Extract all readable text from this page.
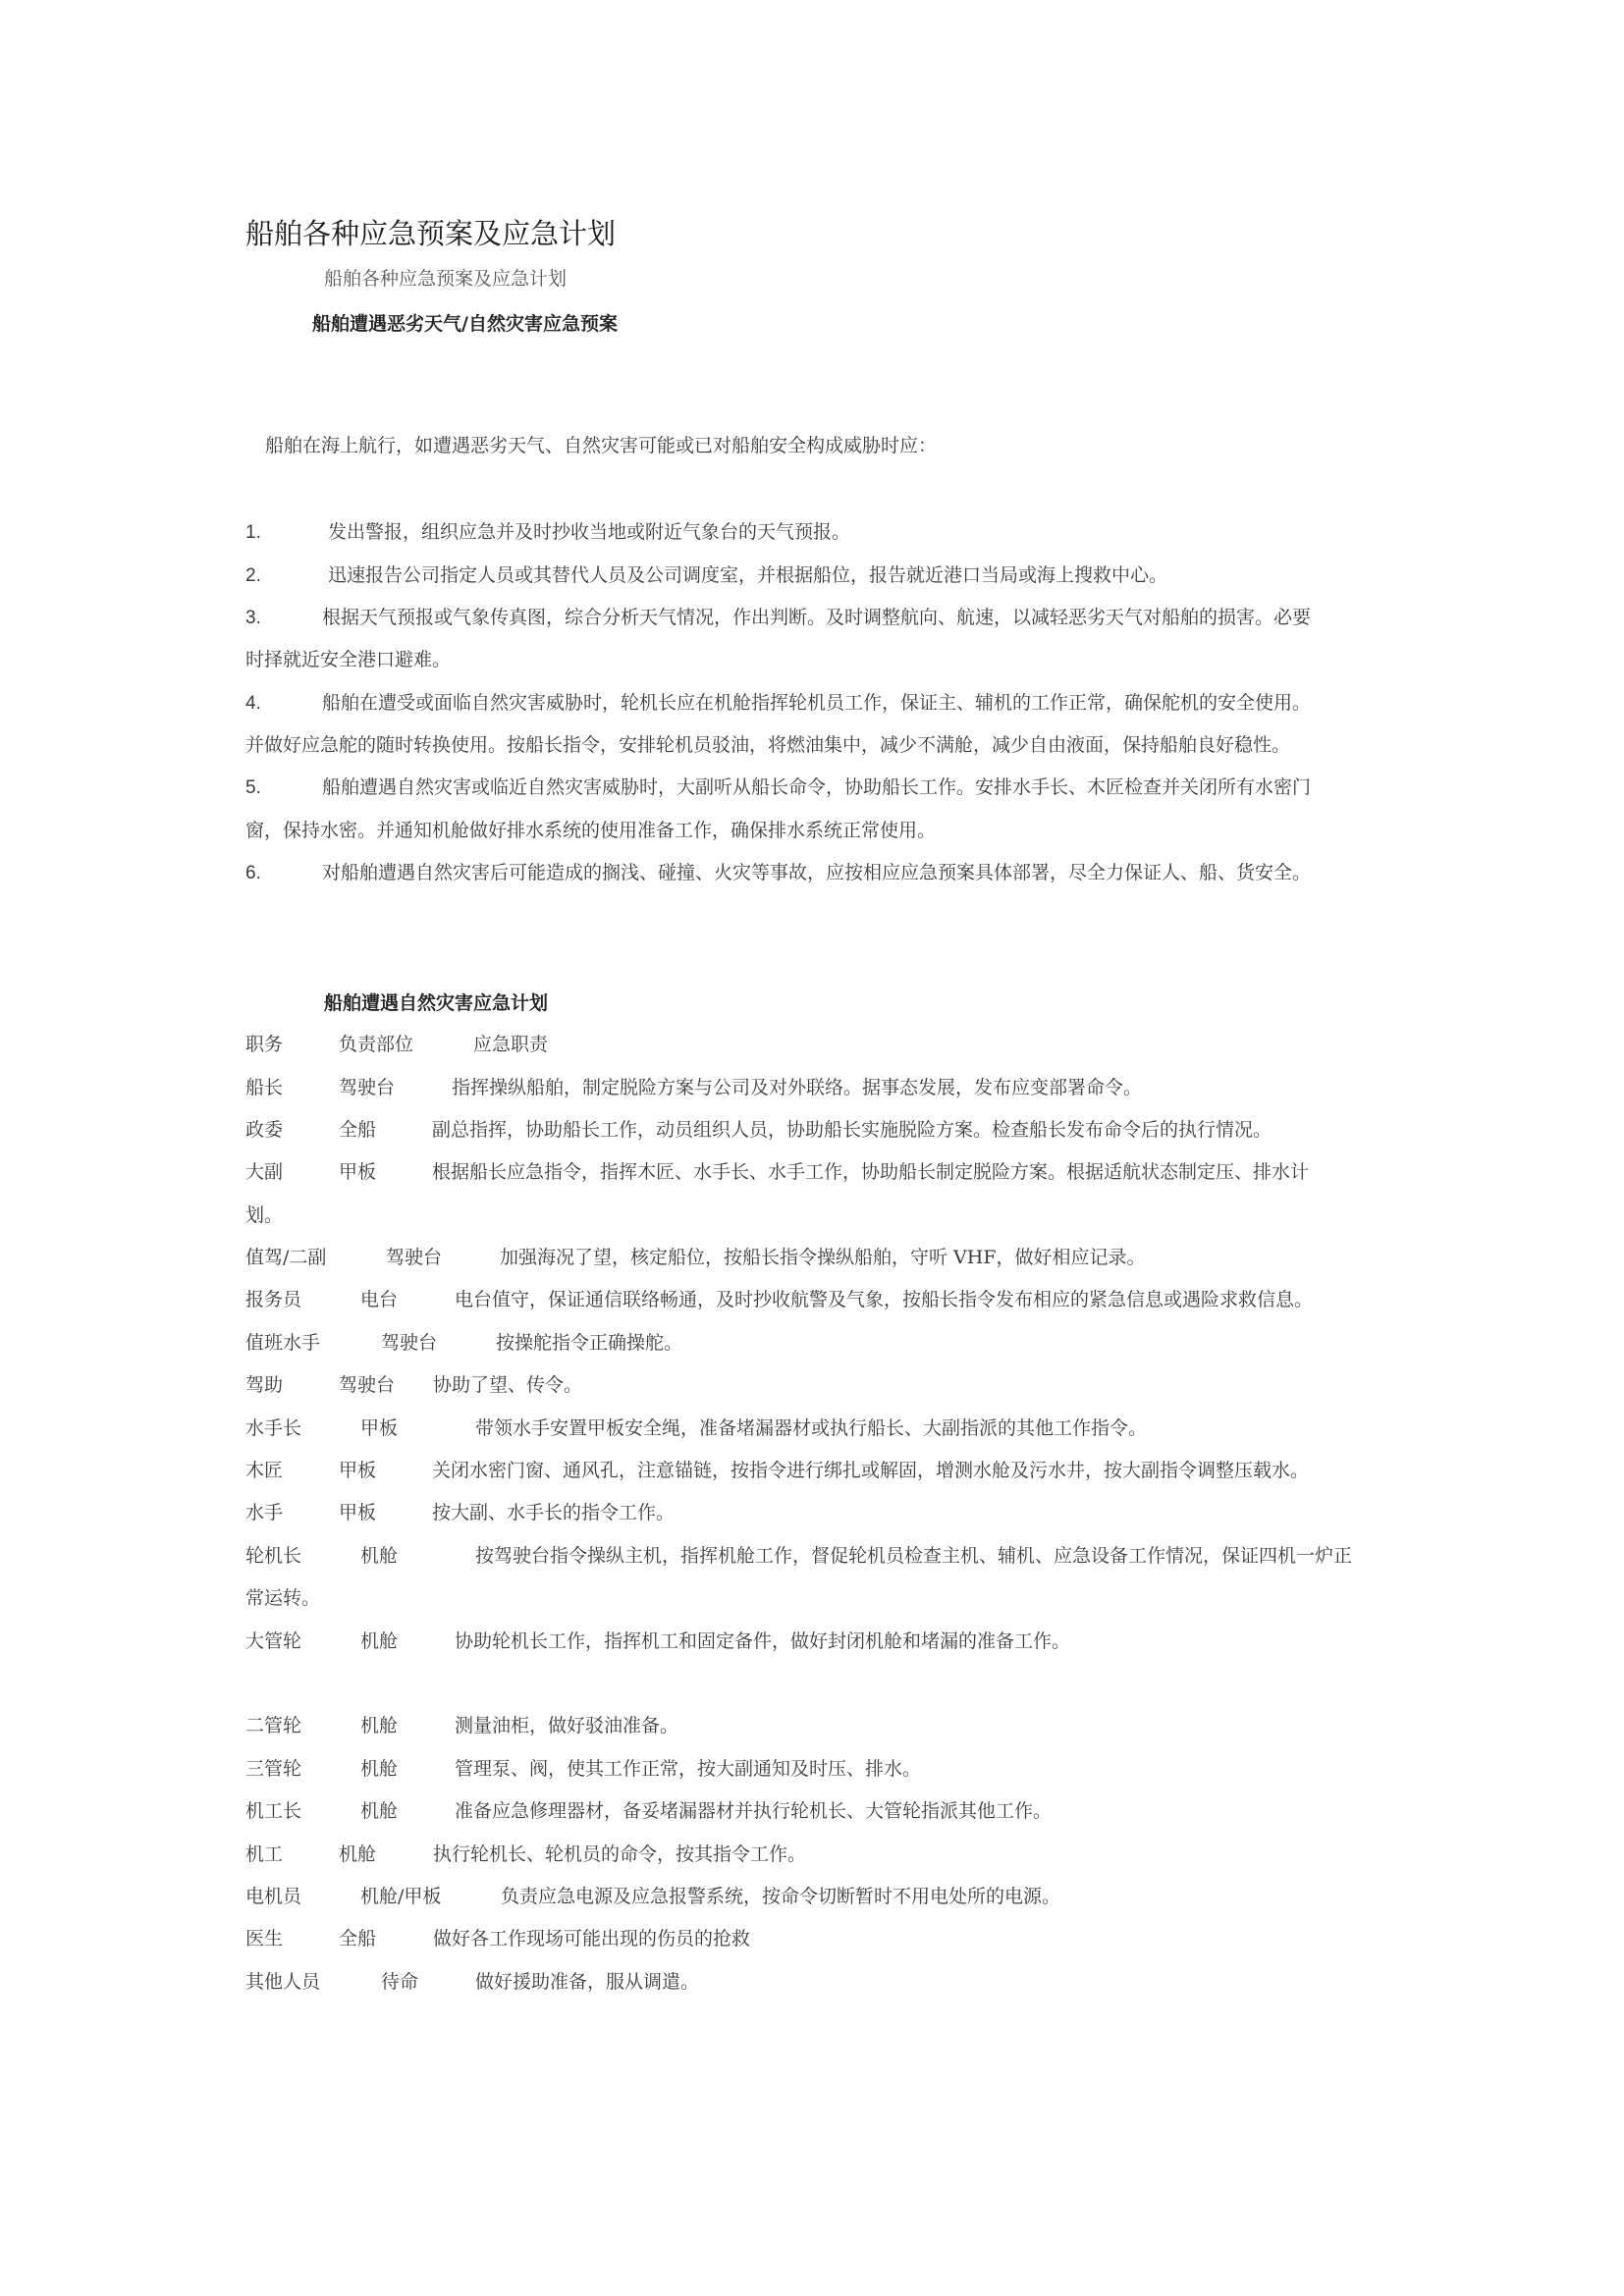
船舶各种应急预案及应急计划
船舶各种应急预案及应急计划
船舶遭遇恶劣天气/自然灾害应急预案
船舶在海上航行，如遭遇恶劣天气、自然灾害可能或已对船舶安全构成威胁时应：
1.	发出警报，组织应急并及时抄收当地或附近气象台的天气预报。
2.	迅速报告公司指定人员或其替代人员及公司调度室，并根据船位，报告就近港口当局或海上搜救中心。
3.	根据天气预报或气象传真图，综合分析天气情况，作出判断。及时调整航向、航速，以减轻恶劣天气对船舶的损害。必要
时择就近安全港口避难。
4.	船舶在遭受或面临自然灾害威胁时，轮机长应在机舱指挥轮机员工作，保证主、辅机的工作正常，确保舵机的安全使用。
并做好应急舵的随时转换使用。按船长指令，安排轮机员驳油，将燃油集中，减少不满舱，减少自由液面，保持船舶良好稳性。
5.	船舶遭遇自然灾害或临近自然灾害威胁时，大副听从船长命令，协助船长工作。安排水手长、木匠检查并关闭所有水密门
窗，保持水密。并通知机舱做好排水系统的使用准备工作，确保排水系统正常使用。
6.	对船舶遭遇自然灾害后可能造成的搁浅、碰撞、火灾等事故，应按相应应急预案具体部署，尽全力保证人、船、货安全。
船舶遭遇自然灾害应急计划
职务	负责部位	应急职责
船长	驾驶台	指挥操纵船舶，制定脱险方案与公司及对外联络。据事态发展，发布应变部署命令。
政委	全船	副总指挥，协助船长工作，动员组织人员，协助船长实施脱险方案。检查船长发布命令后的执行情况。
大副	甲板	根据船长应急指令，指挥木匠、水手长、水手工作，协助船长制定脱险方案。根据适航状态制定压、排水计
划。
值驾/二副	驾驶台	加强海况了望，核定船位，按船长指令操纵船舶，守听 VHF，做好相应记录。
报务员	电台	电台值守，保证通信联络畅通，及时抄收航警及气象，按船长指令发布相应的紧急信息或遇险求救信息。
值班水手	驾驶台	按操舵指令正确操舵。
驾助	驾驶台 协助了望、传令。
水手长	甲板	带领水手安置甲板安全绳，准备堵漏器材或执行船长、大副指派的其他工作指令。
木匠	甲板	关闭水密门窗、通风孔，注意锚链，按指令进行绑扎或解固，增测水舱及污水井，按大副指令调整压载水。
水手	甲板	按大副、水手长的指令工作。
轮机长	机舱	按驾驶台指令操纵主机，指挥机舱工作，督促轮机员检查主机、辅机、应急设备工作情况，保证四机一炉正
常运转。
大管轮	机舱	协助轮机长工作，指挥机工和固定备件，做好封闭机舱和堵漏的准备工作。
二管轮	机舱	测量油柜，做好驳油准备。
三管轮	机舱	管理泵、阀，使其工作正常，按大副通知及时压、排水。
机工长	机舱	准备应急修理器材，备妥堵漏器材并执行轮机长、大管轮指派其他工作。
机工	机舱	执行轮机长、轮机员的命令，按其指令工作。
电机员	机舱/甲板	负责应急电源及应急报警系统，按命令切断暂时不用电处所的电源。
医生	全船	做好各工作现场可能出现的伤员的抢救
其他人员	待命	做好援助准备，服从调遣。
